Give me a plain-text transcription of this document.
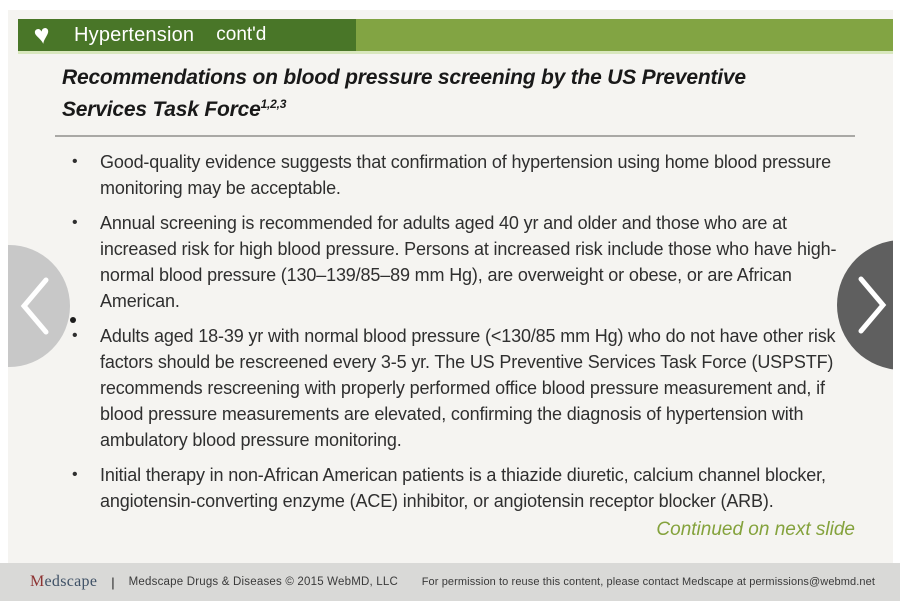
♥	Hypertension cont'd
Recommendations on blood pressure screening by the US Preventive
Services Task Force$^{1,2,3}$
•	Good-quality evidence suggests that confirmation of hypertension using home blood pressure monitoring may be acceptable.
•	Annual screening is recommended for adults aged 40 yr and older and those who are at increased risk for high blood pressure. Persons at increased risk include those who have high-normal blood pressure (130–139/85–89 mm Hg), are overweight or obese, or are African American.
•	Adults aged 18-39 yr with normal blood pressure (<130/85 mm Hg) who do not have other risk factors should be rescreened every 3-5 yr. The US Preventive Services Task Force (USPSTF) recommends rescreening with properly performed office blood pressure measurement and, if blood pressure measurements are elevated, confirming the diagnosis of hypertension with ambulatory blood pressure monitoring.
•	Initial therapy in non-African American patients is a thiazide diuretic, calcium channel blocker, angiotensin-converting enzyme (ACE) inhibitor, or angiotensin receptor blocker (ARB).
Continued on next slide
Medscape | Medscape Drugs & Diseases © 2015 WebMD, LLC For permission to reuse this content, please contact Medscape at permissions@webmd.net
